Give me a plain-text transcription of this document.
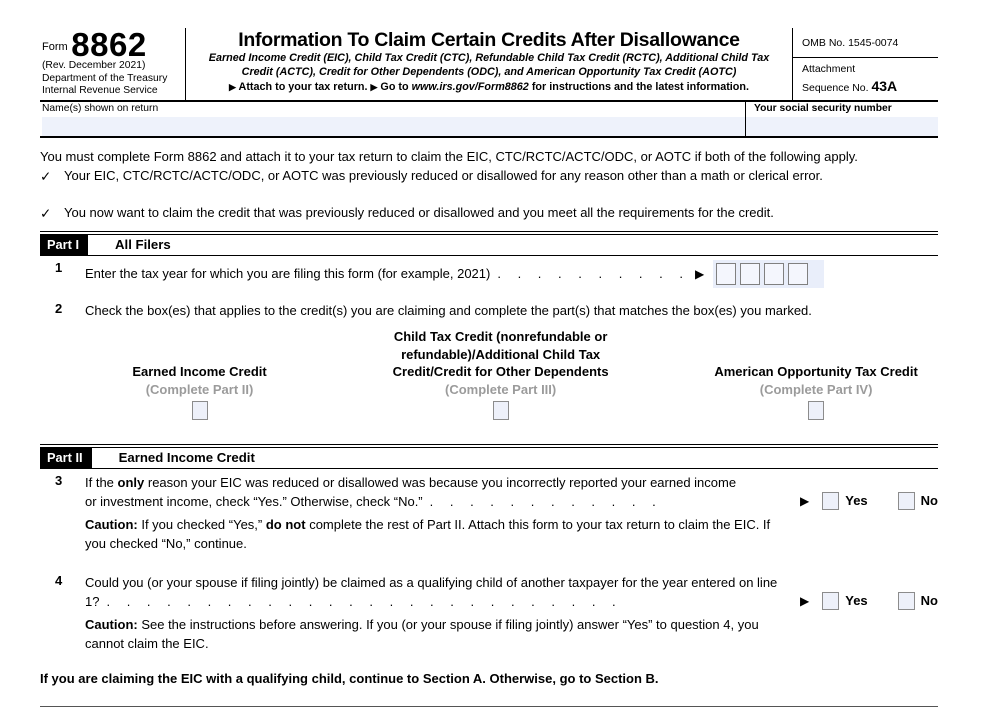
Form 8862
(Rev. December 2021)
Department of the Treasury
Internal Revenue Service
Information To Claim Certain Credits After Disallowance
Earned Income Credit (EIC), Child Tax Credit (CTC), Refundable Child Tax Credit (RCTC), Additional Child Tax Credit (ACTC), Credit for Other Dependents (ODC), and American Opportunity Tax Credit (AOTC)
▶ Attach to your tax return. ▶ Go to www.irs.gov/Form8862 for instructions and the latest information.
OMB No. 1545-0074
Attachment
Sequence No. 43A
Name(s) shown on return	Your social security number
You must complete Form 8862 and attach it to your tax return to claim the EIC, CTC/RCTC/ACTC/ODC, or AOTC if both of the following apply.
✓ Your EIC, CTC/RCTC/ACTC/ODC, or AOTC was previously reduced or disallowed for any reason other than a math or clerical error.
✓ You now want to claim the credit that was previously reduced or disallowed and you meet all the requirements for the credit.
Part I	All Filers
1	Enter the tax year for which you are filing this form (for example, 2021) . . . . . . . . . . ▶
2	Check the box(es) that applies to the credit(s) you are claiming and complete the part(s) that matches the box(es) you marked.
Earned Income Credit
(Complete Part II)
Child Tax Credit (nonrefundable or refundable)/Additional Child Tax Credit/Credit for Other Dependents
(Complete Part III)
American Opportunity Tax Credit
(Complete Part IV)
Part II	Earned Income Credit
3	If the only reason your EIC was reduced or disallowed was because you incorrectly reported your earned income or investment income, check “Yes.” Otherwise, check “No.” . . . . . . . . . . . .	▶	Yes	No
Caution: If you checked “Yes,” do not complete the rest of Part II. Attach this form to your tax return to claim the EIC. If you checked “No,” continue.
4	Could you (or your spouse if filing jointly) be claimed as a qualifying child of another taxpayer for the year entered on line 1? . . . . . . . . . . . . . . . . . . . . . . . . . .	▶	Yes	No
Caution: See the instructions before answering. If you (or your spouse if filing jointly) answer “Yes” to question 4, you cannot claim the EIC.
If you are claiming the EIC with a qualifying child, continue to Section A. Otherwise, go to Section B.
